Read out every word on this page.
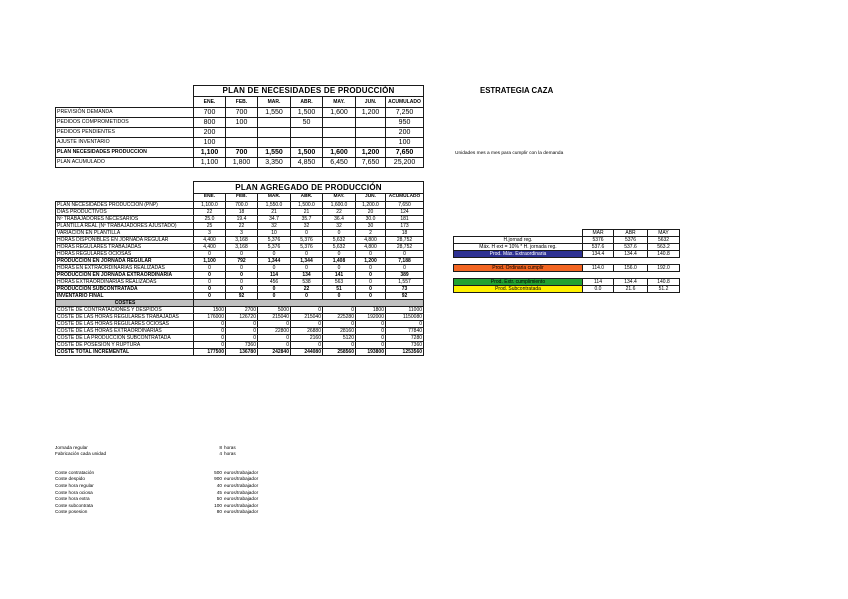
	PLAN DE NECESIDADES DE PRODUCCIÓN						
	ENE.	FEB.	MAR.	ABR.	MAY.	JUN.	ACUMULADO
PREVISIÓN DEMANDA	700	700	1,550	1,500	1,600	1,200	7,250
PEDIDOS COMPROMETIDOS	800	100		50			950
PEDIDOS PENDIENTES	200						200
AJUSTE INVENTARIO	100						100
PLAN NECESIDADES PRODUCCION	1,100	700	1,550	1,500	1,600	1,200	7,650
PLAN ACUMULADO	1,100	1,800	3,350	4,850	6,450	7,650	25,200
ESTRATEGIA CAZA
Unidades mes a mes para cumplir con la demanda
	PLAN AGREGADO DE PRODUCCIÓN						
	ENE.	FEB.	MAR.	ABR.	MAY.	JUN.	ACUMULADO
PLAN NECESIDADES PRODUCCION (PNP)	1,100.0	700.0	1,550.0	1,500.0	1,600.0	1,200.0	7,650
DIAS PRODUCTIVOS	22	18	21	21	22	20	124
Nº TRABAJADORES NECESARIOS	25.0	19.4	34.7	35.7	36.4	30.0	181
PLANTILLA REAL (Nº TRABAJADORES AJUSTADO)	25	22	32	32	32	30	173
VARIACION EN PLANTILLA	3	3	10	0	0	2	18
HORAS DISPONIBLES EN JORNADA REGULAR	4,400	3,168	5,376	5,376	5,632	4,800	28,752
HORAS REGULARES TRABAJADAS	4,400	3,168	5,376	5,376	5,632	4,800	28,752
HORAS REGULARES OCIOSAS	0	0	0	0	0	0	0
PRODUCCION EN JORNADA REGULAR	1,100	792	1,344	1,344	1,408	1,200	7,188
HORAS EN EXTRAORDINARIAS REALIZADAS	0	0	0	0	0	0	0
PRODUCCION EN JORNADA EXTRAORDINARIA	0	0	114	134	141	0	389
HORAS EXTRAORDINARIAS REALIZADAS	0	0	456	538	563	0	1,557
PRODUCCION SUBCONTRATADA	0	0	0	22	51	0	73
INVENTARIO FINAL	0	92	0	0	0	0	92
COSTES							
COSTE DE CONTRATACIONES Y DESPIDOS	1500	2700	5000	0	0	1800	11000
COSTE DE LAS HORAS REGULARES TRABAJADAS	176000	126720	215040	215040	225280	192000	1150080
COSTE DE LAS HORAS REGULARES OCIOSAS	0	0	0	0	0	0	0
COSTE DE LAS HORAS EXTRAORDINARIAS	0	0	22800	26880	28160	0	77840
COSTE DE LA PRODUCCION SUBCONTRATADA	0	0	0	2160	5120	0	7280
COSTE DE POSESION Y RUPTURA	0	7360	0	0	0	0	7360
COSTE TOTAL INCREMENTAL	177500	136780	242840	244080	258560	193800	1253560
	MAR	ABR	MAY
H.jornad reg.	5376	5376	5632
Máx. H ext = 10% * H. jornada reg.	537.6	537.6	563.2
Prod. Máx. Extraordinaria	134.4	134.4	140.8

Prod. Ordinaria cumplir	114.0	156.0	192.0

Prod. Extr. cumplimiento	114	134.4	140.8
Prod. Subcontratada	0.0	21.6	51.2
Jornada regular	8 horas
Fabricación cada unidad	4 horas
Coste contratación	500 euros/trabajador
Coste despido	900 euros/trabajador
Coste hora regular	40 euros/trabajador
Coste hora ociosa	45 euros/trabajador
Coste hora extra	50 euros/trabajador
Coste subcontrata	100 euros/trabajador
Coste posesion	80 euros/trabajador
